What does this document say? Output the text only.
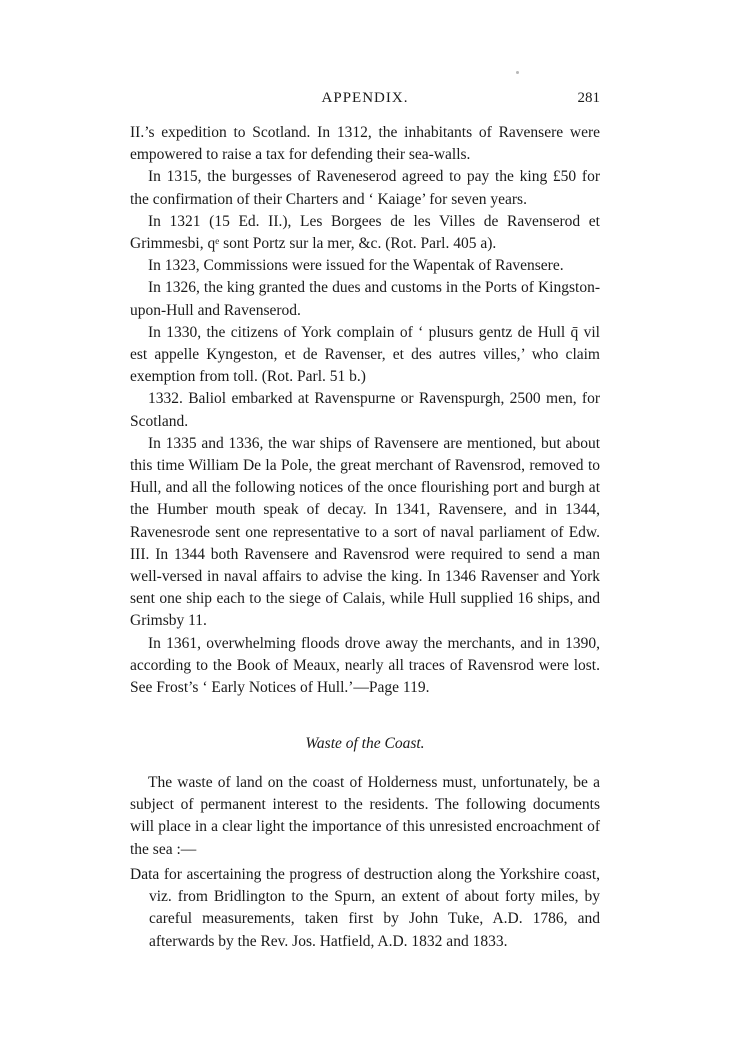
APPENDIX.	281

II.’s expedition to Scotland. In 1312, the inhabitants of Ravensere were empowered to raise a tax for defending their sea-walls.

In 1315, the burgesses of Raveneserod agreed to pay the king £50 for the confirmation of their Charters and ‘ Kaiage’ for seven years.

In 1321 (15 Ed. II.), Les Borgees de les Villes de Ravenserod et Grimmesbi, qᵉ sont Portz sur la mer, &c. (Rot. Parl. 405 a).

In 1323, Commissions were issued for the Wapentak of Ravensere.

In 1326, the king granted the dues and customs in the Ports of Kingston-upon-Hull and Ravenserod.

In 1330, the citizens of York complain of ‘ plusurs gentz de Hull q̄ vil est appelle Kyngeston, et de Ravenser, et des autres villes,’ who claim exemption from toll. (Rot. Parl. 51 b.)

1332. Baliol embarked at Ravenspurne or Ravenspurgh, 2500 men, for Scotland.

In 1335 and 1336, the war ships of Ravensere are mentioned, but about this time William De la Pole, the great merchant of Ravensrod, removed to Hull, and all the following notices of the once flourishing port and burgh at the Humber mouth speak of decay. In 1341, Ravensere, and in 1344, Ravenesrode sent one representative to a sort of naval parliament of Edw. III. In 1344 both Ravensere and Ravensrod were required to send a man well-versed in naval affairs to advise the king. In 1346 Ravenser and York sent one ship each to the siege of Calais, while Hull supplied 16 ships, and Grimsby 11.

In 1361, overwhelming floods drove away the merchants, and in 1390, according to the Book of Meaux, nearly all traces of Ravensrod were lost. See Frost’s ‘ Early Notices of Hull.’—Page 119.

Waste of the Coast.

The waste of land on the coast of Holderness must, unfortunately, be a subject of permanent interest to the residents. The following documents will place in a clear light the importance of this unresisted encroachment of the sea :—

Data for ascertaining the progress of destruction along the Yorkshire coast, viz. from Bridlington to the Spurn, an extent of about forty miles, by careful measurements, taken first by John Tuke, A.D. 1786, and afterwards by the Rev. Jos. Hatfield, A.D. 1832 and 1833.
